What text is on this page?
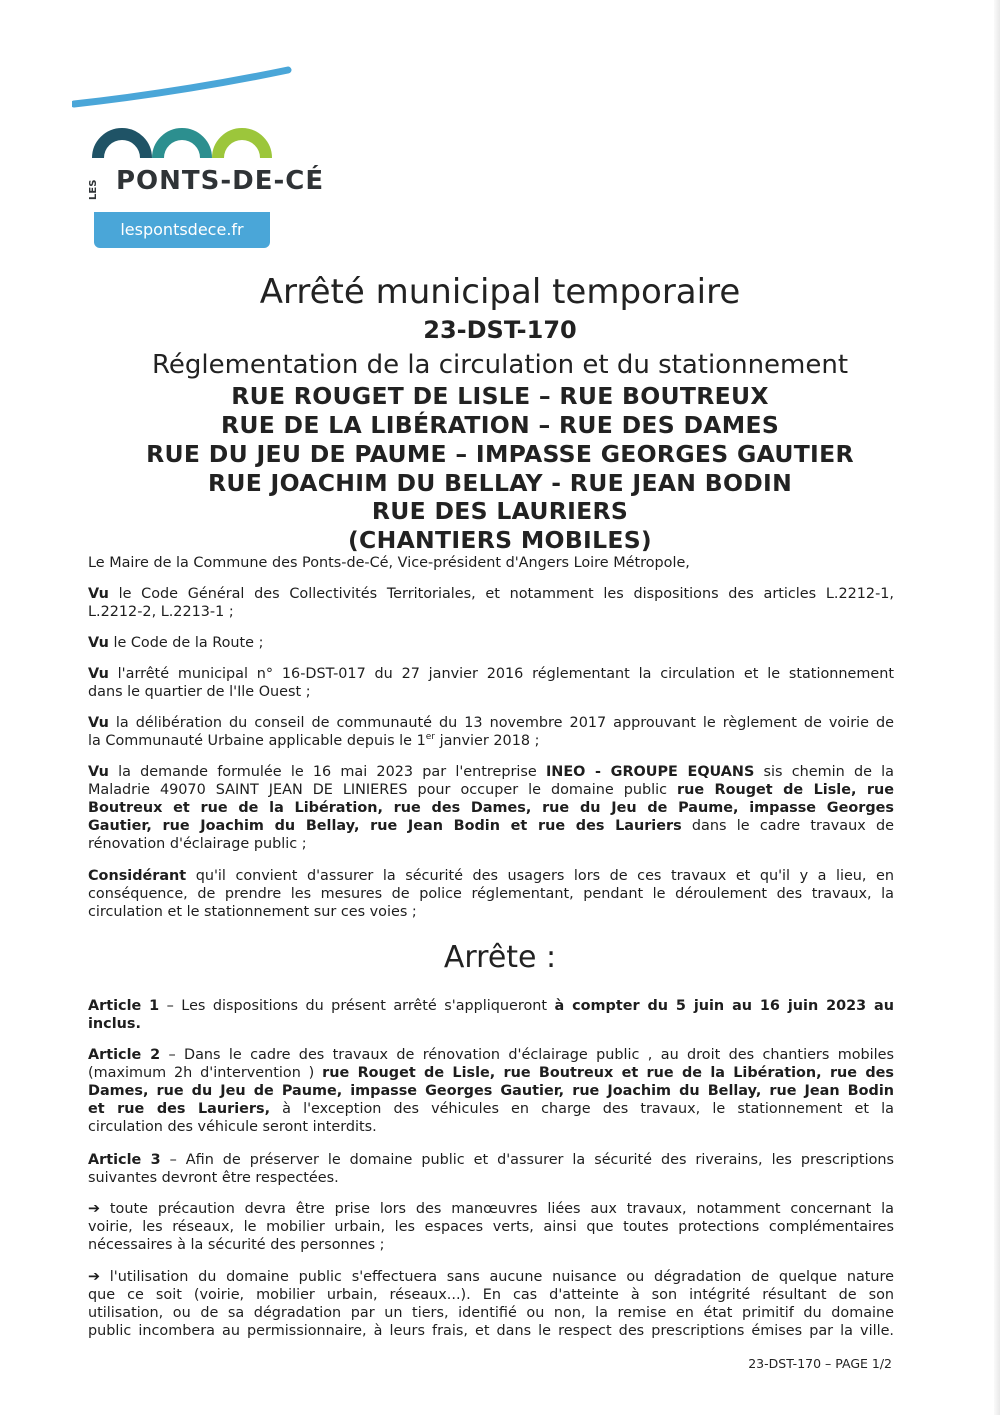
LES PONTS-DE-CÉ
lespontsdece.fr
Arrêté municipal temporaire
23-DST-170
Réglementation de la circulation et du stationnement
RUE ROUGET DE LISLE – RUE BOUTREUX
RUE DE LA LIBÉRATION – RUE DES DAMES
RUE DU JEU DE PAUME – IMPASSE GEORGES GAUTIER
RUE JOACHIM DU BELLAY - RUE JEAN BODIN
RUE DES LAURIERS
(CHANTIERS MOBILES)
Le Maire de la Commune des Ponts-de-Cé, Vice-président d'Angers Loire Métropole,
Vu le Code Général des Collectivités Territoriales, et notamment les dispositions des articles L.2212-1,
L.2212-2, L.2213-1 ;
Vu le Code de la Route ;
Vu l'arrêté municipal n° 16-DST-017 du 27 janvier 2016 réglementant la circulation et le stationnement
dans le quartier de l'Ile Ouest ;
Vu la délibération du conseil de communauté du 13 novembre 2017 approuvant le règlement de voirie de
la Communauté Urbaine applicable depuis le 1er janvier 2018 ;
Vu la demande formulée le 16 mai 2023 par l'entreprise INEO - GROUPE EQUANS sis chemin de la
Maladrie 49070 SAINT JEAN DE LINIERES pour occuper le domaine public rue Rouget de Lisle, rue
Boutreux et rue de la Libération, rue des Dames, rue du Jeu de Paume, impasse Georges
Gautier, rue Joachim du Bellay, rue Jean Bodin et rue des Lauriers dans le cadre travaux de
rénovation d'éclairage public ;
Considérant qu'il convient d'assurer la sécurité des usagers lors de ces travaux et qu'il y a lieu, en
conséquence, de prendre les mesures de police réglementant, pendant le déroulement des travaux, la
circulation et le stationnement sur ces voies ;
Arrête :
Article 1 – Les dispositions du présent arrêté s'appliqueront à compter du 5 juin au 16 juin 2023 au
inclus.
Article 2 – Dans le cadre des travaux de rénovation d'éclairage public , au droit des chantiers mobiles
(maximum 2h d'intervention ) rue Rouget de Lisle, rue Boutreux et rue de la Libération, rue des
Dames, rue du Jeu de Paume, impasse Georges Gautier, rue Joachim du Bellay, rue Jean Bodin
et rue des Lauriers, à l'exception des véhicules en charge des travaux, le stationnement et la
circulation des véhicule seront interdits.
Article 3 – Afin de préserver le domaine public et d'assurer la sécurité des riverains, les prescriptions
suivantes devront être respectées.
➔ toute précaution devra être prise lors des manœuvres liées aux travaux, notamment concernant la
voirie, les réseaux, le mobilier urbain, les espaces verts, ainsi que toutes protections complémentaires
nécessaires à la sécurité des personnes ;
➔ l'utilisation du domaine public s'effectuera sans aucune nuisance ou dégradation de quelque nature
que ce soit (voirie, mobilier urbain, réseaux...). En cas d'atteinte à son intégrité résultant de son
utilisation, ou de sa dégradation par un tiers, identifié ou non, la remise en état primitif du domaine
public incombera au permissionnaire, à leurs frais, et dans le respect des prescriptions émises par la ville.
23-DST-170 – PAGE 1/2
